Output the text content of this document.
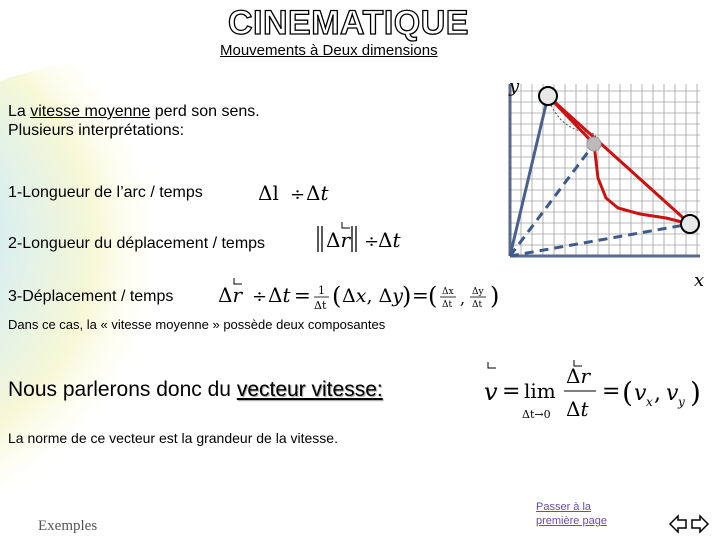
CINEMATIQUE
Mouvements à Deux dimensions
La vitesse moyenne perd son sens.
Plusieurs interprétations:
1-Longueur de l’arc / temps	Δl ÷ Δt
2-Longueur du déplacement / temps	Δr ÷
Δt
3-Déplacement / temps Δr ÷ Δt = 1
Δt ( Δx, Δy ) = ( Δx
Δt , Δy
Δt )
Dans ce cas, la « vitesse moyenne » possède deux composantes
Nous parlerons donc du vecteur vitesse:	v = lim
Δt→0
Δr
Δt
= ( v x , v y )
La norme de ce vecteur est la grandeur de la vitesse.
y
x
Exemples
Passer à la première page
